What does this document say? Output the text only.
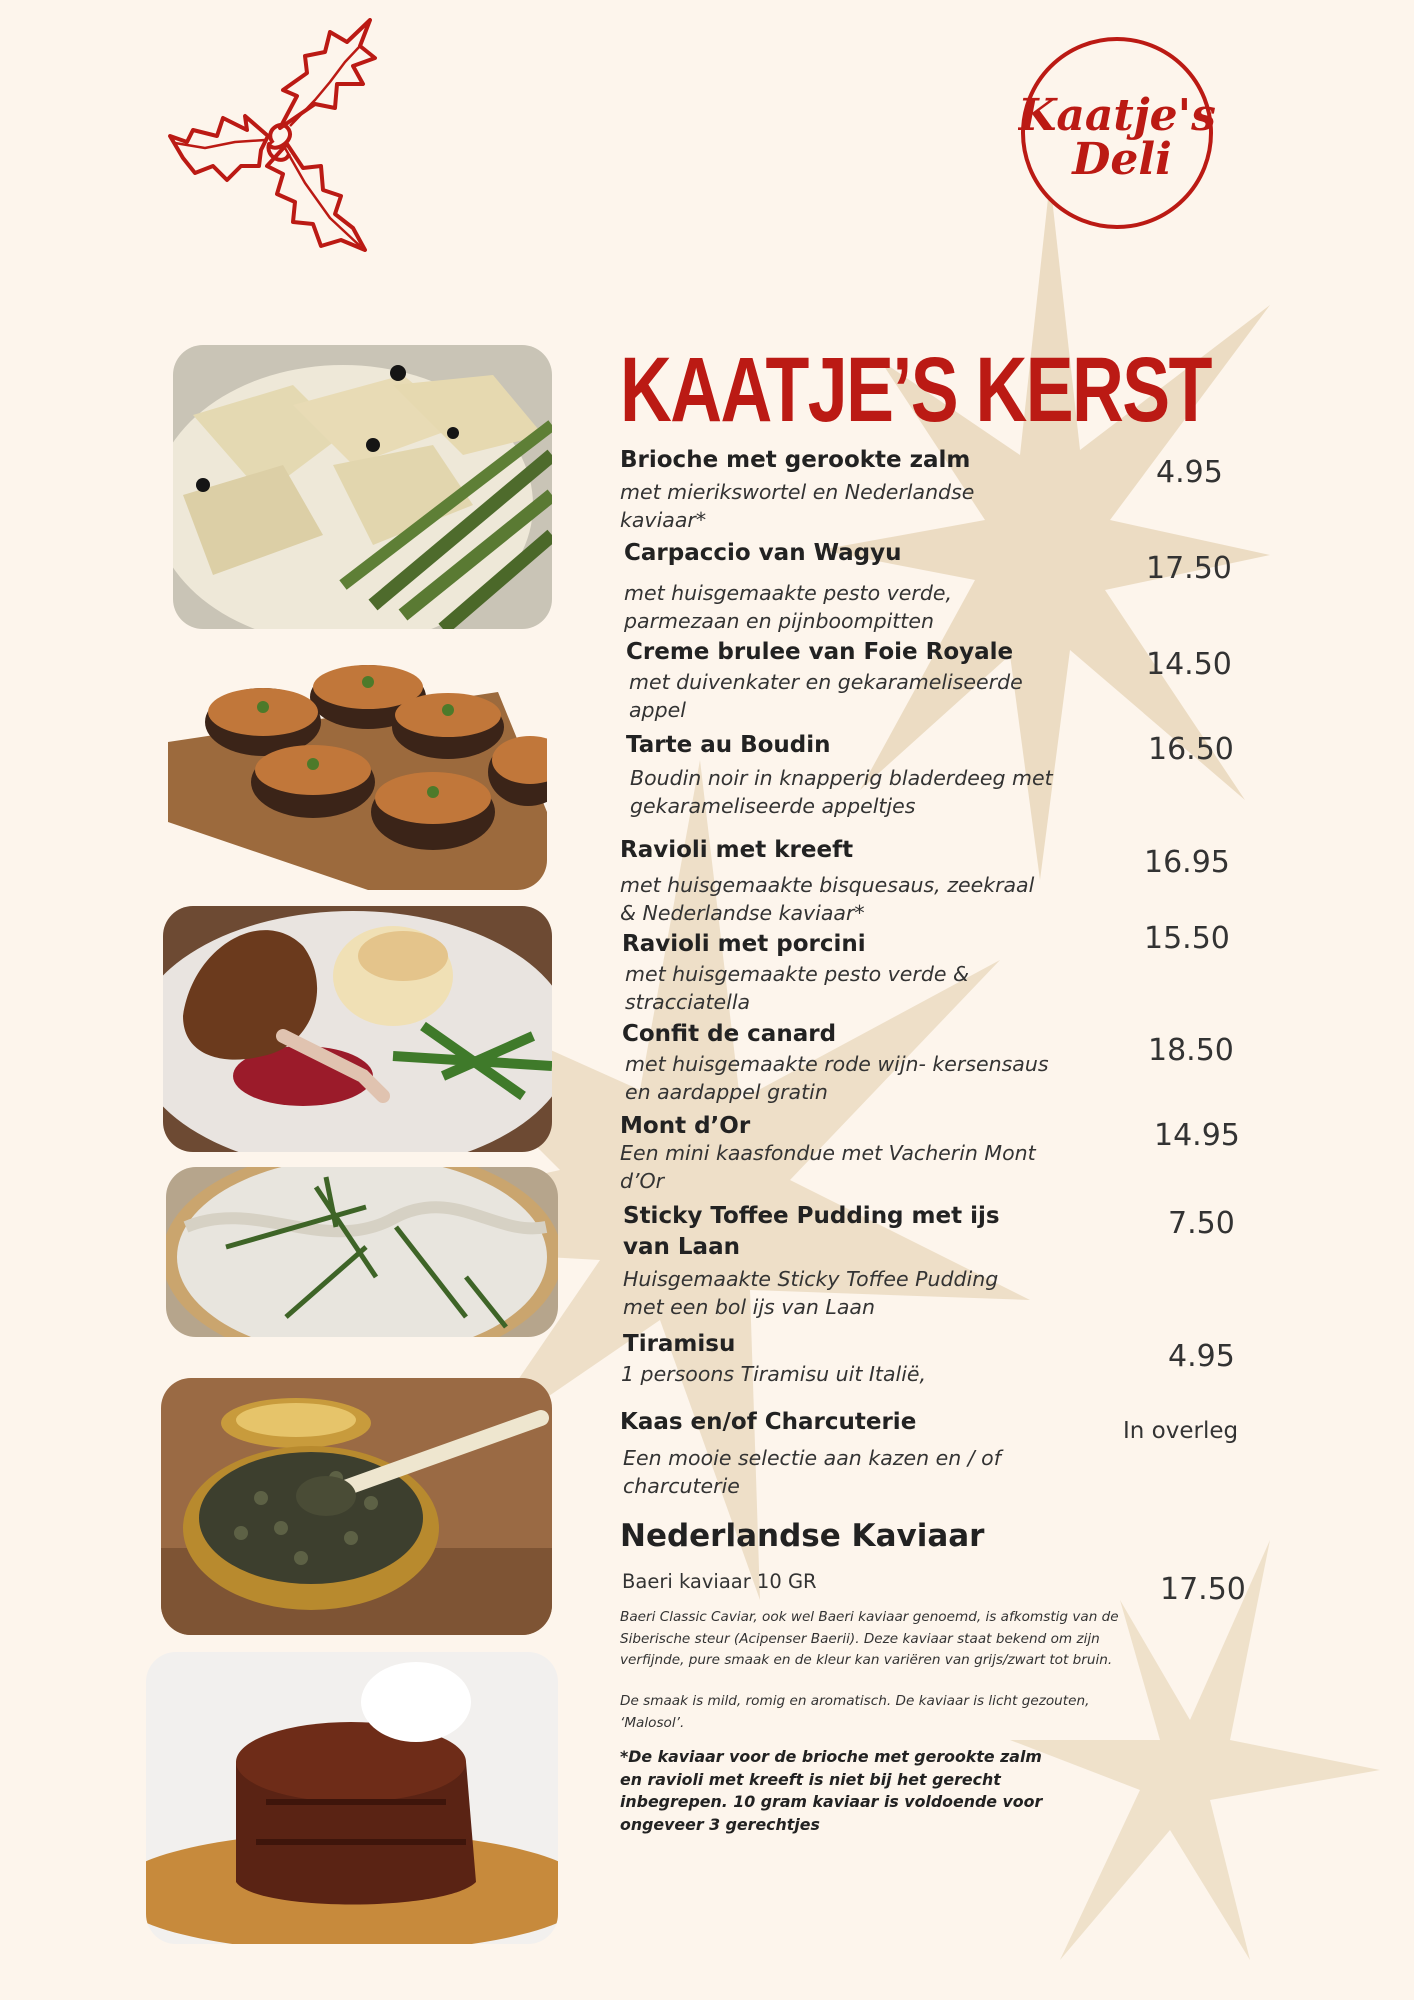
Kaatje's
Deli
KAATJE’S KERST
Brioche met gerookte zalm
met mierikswortel en Nederlandse kaviaar*
4.95
Carpaccio van Wagyu
met huisgemaakte pesto verde, parmezaan en pijnboompitten
17.50
Creme brulee van Foie Royale
met duivenkater en gekarameliseerde appel
14.50
Tarte au Boudin
Boudin noir in knapperig bladerdeeg met gekarameliseerde appeltjes
16.50
Ravioli met kreeft
met huisgemaakte bisquesaus, zeekraal & Nederlandse kaviaar*
16.95
Ravioli met porcini
met huisgemaakte pesto verde & stracciatella
15.50
Confit de canard
met huisgemaakte rode wijn- kersensaus en aardappel gratin
18.50
Mont d’Or
Een mini kaasfondue met Vacherin Mont d’Or
14.95
Sticky Toffee Pudding met ijs van Laan
Huisgemaakte Sticky Toffee Pudding met een bol ijs van Laan
7.50
Tiramisu
1 persoons Tiramisu uit Italië,	4.95
Kaas en/of Charcuterie
Een mooie selectie aan kazen en / of charcuterie
In overleg
Nederlandse Kaviaar
Baeri kaviaar 10 GR	17.50
Baeri Classic Caviar, ook wel Baeri kaviaar genoemd, is afkomstig van de Siberische steur (Acipenser Baerii). Deze kaviaar staat bekend om zijn verfijnde, pure smaak en de kleur kan variëren van grijs/zwart tot bruin.
De smaak is mild, romig en aromatisch. De kaviaar is licht gezouten, ‘Malosol’.
*De kaviaar voor de brioche met gerookte zalm en ravioli met kreeft is niet bij het gerecht inbegrepen. 10 gram kaviaar is voldoende voor ongeveer 3 gerechtjes
